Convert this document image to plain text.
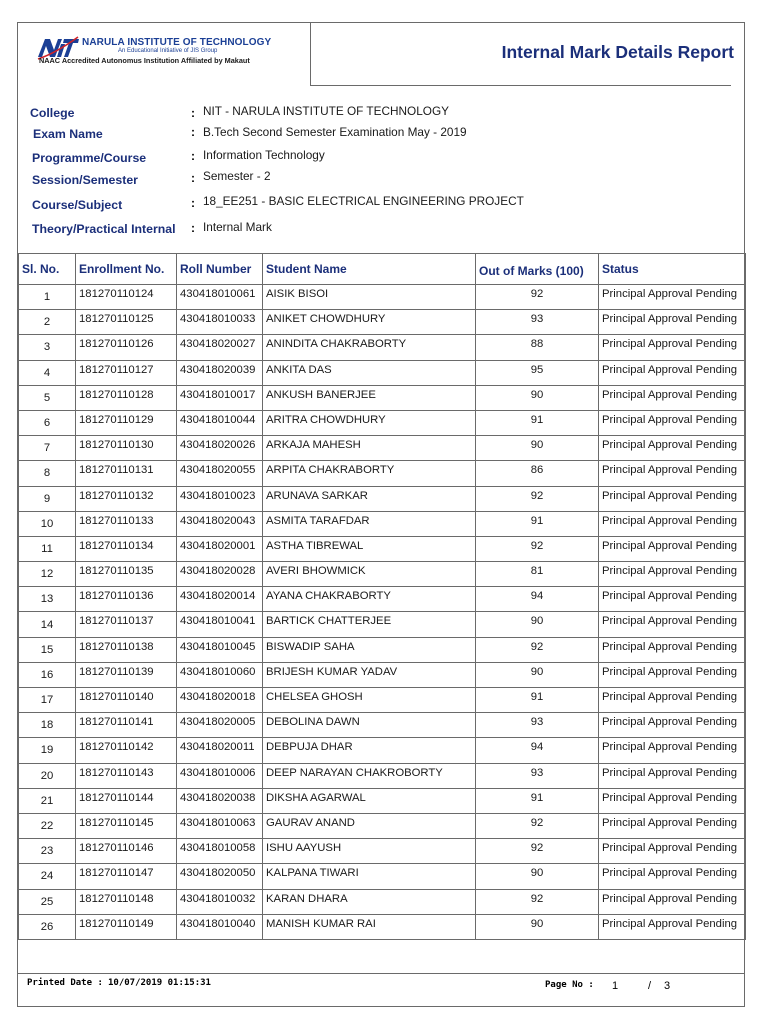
NIT NARULA INSTITUTE OF TECHNOLOGY
An Educational Initiative of JIS Group
NAAC Accredited Autonomus Institution Affiliated by Makaut	Internal Mark Details Report
College	: NIT - NARULA INSTITUTE OF TECHNOLOGY
Exam Name	: B.Tech Second Semester Examination May - 2019
Programme/Course	: Information Technology
Session/Semester	: Semester - 2
Course/Subject	: 18_EE251 - BASIC ELECTRICAL ENGINEERING PROJECT
Theory/Practical Internal : Internal Mark
Sl. No.	Enrollment No.	Roll Number	Student Name	Out of Marks (100)	Status
1	181270110124	430418010061	AISIK BISOI	92	Principal Approval Pending
2	181270110125	430418010033	ANIKET CHOWDHURY	93	Principal Approval Pending
3	181270110126	430418020027	ANINDITA CHAKRABORTY	88	Principal Approval Pending
4	181270110127	430418020039	ANKITA DAS	95	Principal Approval Pending
5	181270110128	430418010017	ANKUSH BANERJEE	90	Principal Approval Pending
6	181270110129	430418010044	ARITRA CHOWDHURY	91	Principal Approval Pending
7	181270110130	430418020026	ARKAJA MAHESH	90	Principal Approval Pending
8	181270110131	430418020055	ARPITA CHAKRABORTY	86	Principal Approval Pending
9	181270110132	430418010023	ARUNAVA SARKAR	92	Principal Approval Pending
10	181270110133	430418020043	ASMITA TARAFDAR	91	Principal Approval Pending
11	181270110134	430418020001	ASTHA TIBREWAL	92	Principal Approval Pending
12	181270110135	430418020028	AVERI BHOWMICK	81	Principal Approval Pending
13	181270110136	430418020014	AYANA CHAKRABORTY	94	Principal Approval Pending
14	181270110137	430418010041	BARTICK CHATTERJEE	90	Principal Approval Pending
15	181270110138	430418010045	BISWADIP SAHA	92	Principal Approval Pending
16	181270110139	430418010060	BRIJESH KUMAR YADAV	90	Principal Approval Pending
17	181270110140	430418020018	CHELSEA GHOSH	91	Principal Approval Pending
18	181270110141	430418020005	DEBOLINA DAWN	93	Principal Approval Pending
19	181270110142	430418020011	DEBPUJA DHAR	94	Principal Approval Pending
20	181270110143	430418010006	DEEP NARAYAN CHAKROBORTY	93	Principal Approval Pending
21	181270110144	430418020038	DIKSHA AGARWAL	91	Principal Approval Pending
22	181270110145	430418010063	GAURAV ANAND	92	Principal Approval Pending
23	181270110146	430418010058	ISHU AAYUSH	92	Principal Approval Pending
24	181270110147	430418020050	KALPANA TIWARI	90	Principal Approval Pending
25	181270110148	430418010032	KARAN DHARA	92	Principal Approval Pending
26	181270110149	430418010040	MANISH KUMAR RAI	90	Principal Approval Pending
Printed Date : 10/07/2019 01:15:31	Page No : 1	/ 3
